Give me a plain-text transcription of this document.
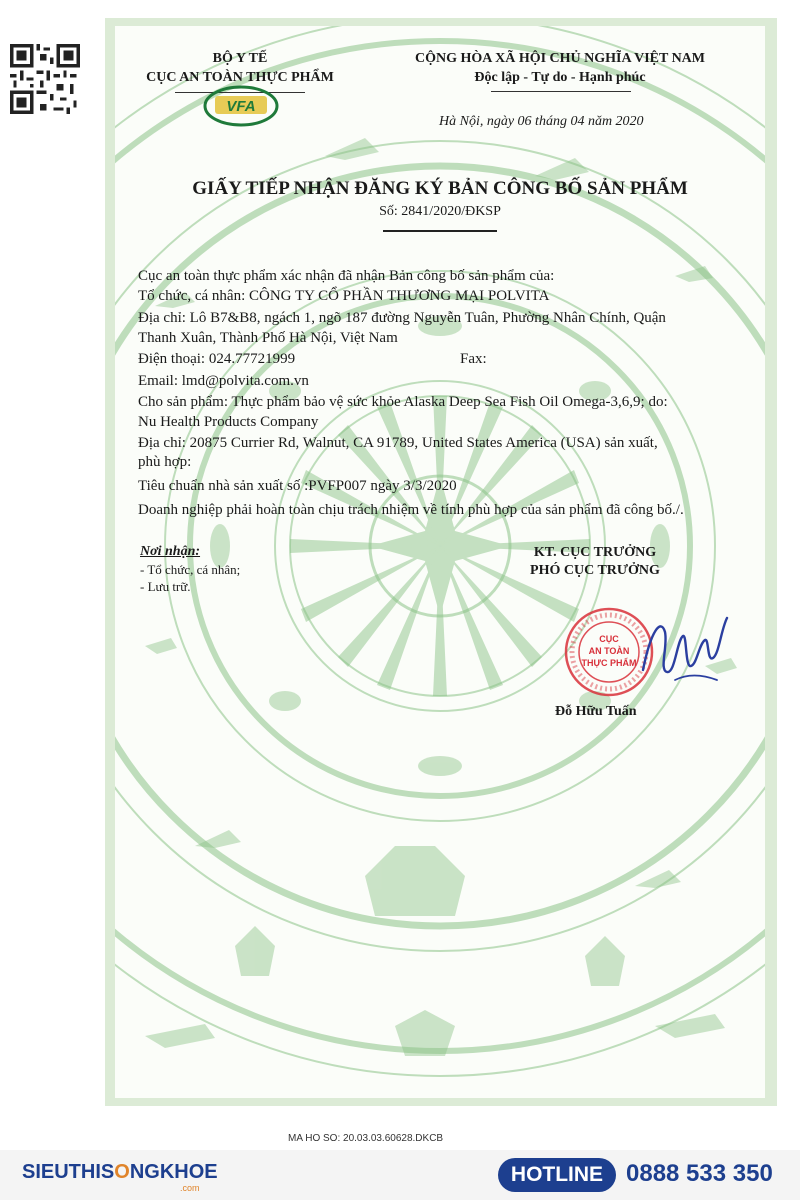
BỘ Y TẾ
CỤC AN TOÀN THỰC PHẨM
VFA
CỘNG HÒA XÃ HỘI CHỦ NGHĨA VIỆT NAM
Độc lập - Tự do - Hạnh phúc
Hà Nội, ngày 06 tháng 04 năm 2020
GIẤY TIẾP NHẬN ĐĂNG KÝ BẢN CÔNG BỐ SẢN PHẨM
Số: 2841/2020/ĐKSP
Cục an toàn thực phẩm xác nhận đã nhận Bản công bố sản phẩm của:
Tổ chức, cá nhân: CÔNG TY CỔ PHẦN THƯƠNG MẠI POLVITA
Địa chỉ: Lô B7&B8, ngách 1, ngõ 187 đường Nguyễn Tuân, Phường Nhân Chính, Quận
Thanh Xuân, Thành Phố Hà Nội, Việt Nam
Điện thoại: 024.77721999	Fax:
Email: lmd@polvita.com.vn
Cho sản phẩm: Thực phẩm bảo vệ sức khỏe Alaska Deep Sea Fish Oil Omega-3,6,9; do:
Nu Health Products Company
Địa chỉ: 20875 Currier Rd, Walnut, CA 91789, United States America (USA) sản xuất,
phù hợp:
Tiêu chuẩn nhà sản xuất số :PVFP007 ngày 3/3/2020
Doanh nghiệp phải hoàn toàn chịu trách nhiệm về tính phù hợp của sản phẩm đã công bố./.
Nơi nhận:
- Tổ chức, cá nhân;
- Lưu trữ.
KT. CỤC TRƯỞNG
PHÓ CỤC TRƯỞNG
CỤC
AN TOÀN
THỰC PHẨM
Đỗ Hữu Tuấn
MA HO SO: 20.03.03.60628.DKCB
SIEUTHISONGKHOE
.com
HOTLINE 0888 533 350
